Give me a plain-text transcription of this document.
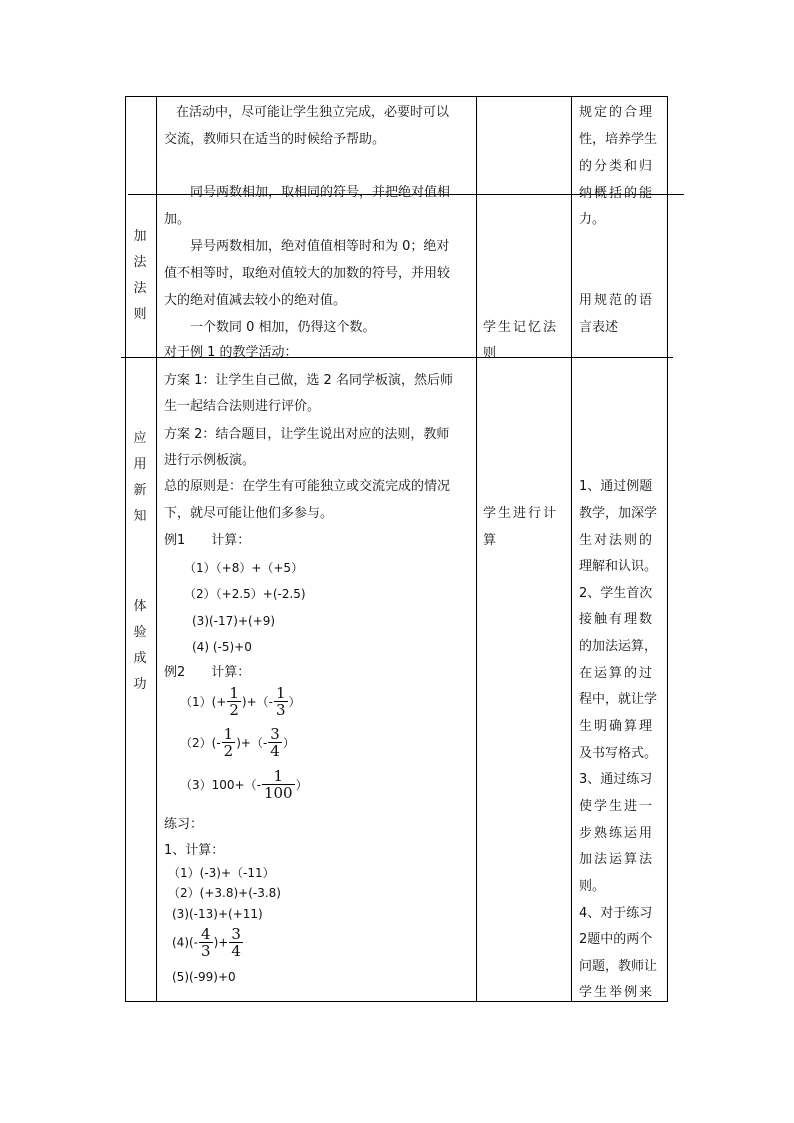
加
法
法
则
应
用
新
知
体
验
成
功
在活动中，尽可能让学生独立完成，必要时可以
交流，教师只在适当的时候给予帮助。
同号两数相加，取相同的符号，并把绝对值相
加。
异号两数相加，绝对值值相等时和为 0；绝对
值不相等时，取绝对值较大的加数的符号，并用较
大的绝对值减去较小的绝对值。
一个数同 0 相加，仍得这个数。
对于例 1 的教学活动：
方案 1：让学生自己做，选 2 名同学板演，然后师
生一起结合法则进行评价。
方案 2：结合题目，让学生说出对应的法则，教师
进行示例板演。
总的原则是：在学生有可能独立或交流完成的情况
下，就尽可能让他们多参与。
例1　　计算：
（1）（+8）+（+5）
（2）（+2.5）+(-2.5)
(3)(-17)+(+9)
(4) (-5)+0
例2　　计算：
$(1)(+ \frac{1}{2}$ )+（- $\frac{1}{3}$ ）
$(2)(- \frac{1}{2}$ )+（- $\frac{3}{4}$ ）
$(3)100+(- \frac{1}{100}$ ）
练习：
1、计算：
（1）(-3)+（-11）
（2）(+3.8)+(-3.8)
(3)(-13)+(+11)
$(4)(- \frac{4}{3}$ )+ $\frac{3}{4}$
(5)(-99)+0
学生记忆法
则
学生进行计
算
规定的合理
性，培养学生
的分类和归
纳概括的能
力。
用规范的语
言表述
1、通过例题
教学，加深学
生对法则的
理解和认识。
2、学生首次
接触有理数
的加法运算，
在运算的过
程中，就让学
生明确算理
及书写格式。
3、通过练习
使学生进一
步熟练运用
加法运算法
则。
4、对于练习
2题中的两个
问题，教师让
学生举例来
